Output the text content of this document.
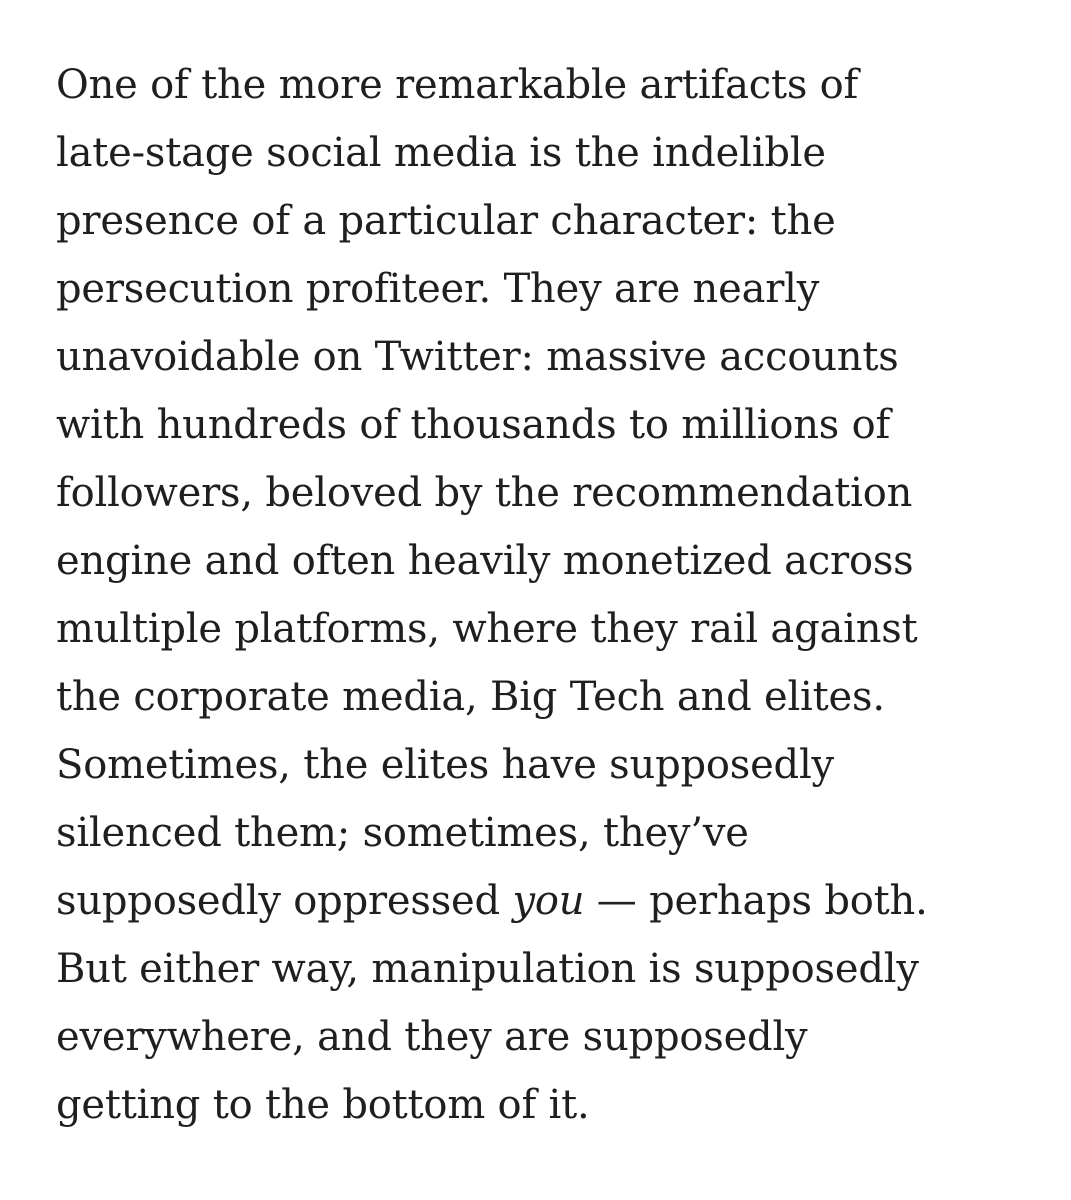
One of the more remarkable artifacts of
late-stage social media is the indelible
presence of a particular character: the
persecution profiteer. They are nearly
unavoidable on Twitter: massive accounts
with hundreds of thousands to millions of
followers, beloved by the recommendation
engine and often heavily monetized across
multiple platforms, where they rail against
the corporate media, Big Tech and elites.
Sometimes, the elites have supposedly
silenced them; sometimes, they’ve
supposedly oppressed you — perhaps both.
But either way, manipulation is supposedly
everywhere, and they are supposedly
getting to the bottom of it.
